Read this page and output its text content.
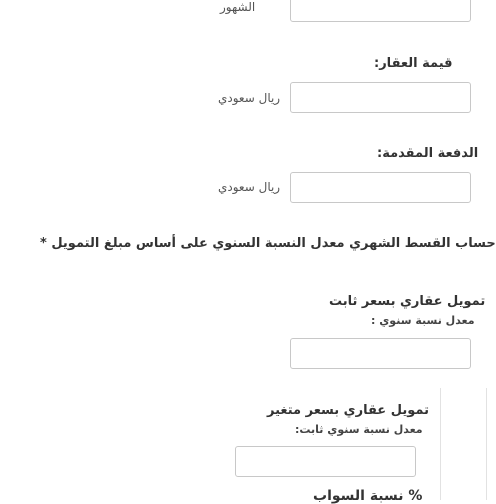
الشهور
قيمة العقار:
ريال سعودي
الدفعة المقدمة:
ريال سعودي
حساب القسط الشهري معدل النسبة السنوي على أساس مبلغ التمويل *
تمويل عقاري بسعر ثابت
معدل نسبة سنوي :
تمويل عقاري بسعر متغير
معدل نسبة سنوي ثابت:
% نسبة السواب
